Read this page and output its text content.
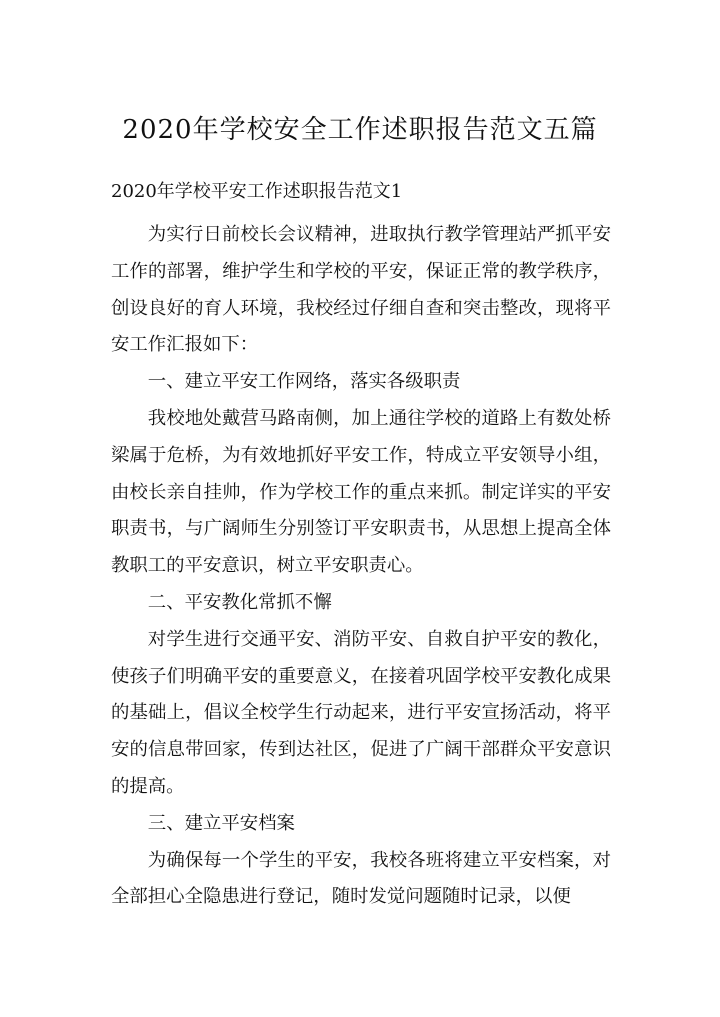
2020年学校安全工作述职报告范文五篇
2020年学校平安工作述职报告范文1

为实行日前校长会议精神，进取执行教学管理站严抓平安工作的部署，维护学生和学校的平安，保证正常的教学秩序，创设良好的育人环境，我校经过仔细自查和突击整改，现将平安工作汇报如下：

一、建立平安工作网络，落实各级职责

我校地处戴营马路南侧，加上通往学校的道路上有数处桥梁属于危桥，为有效地抓好平安工作，特成立平安领导小组，由校长亲自挂帅，作为学校工作的重点来抓。制定详实的平安职责书，与广阔师生分别签订平安职责书，从思想上提高全体教职工的平安意识，树立平安职责心。

二、平安教化常抓不懈

对学生进行交通平安、消防平安、自救自护平安的教化，使孩子们明确平安的重要意义，在接着巩固学校平安教化成果的基础上，倡议全校学生行动起来，进行平安宣扬活动，将平安的信息带回家，传到达社区，促进了广阔干部群众平安意识的提高。

三、建立平安档案

为确保每一个学生的平安，我校各班将建立平安档案，对全部担心全隐患进行登记，随时发觉问题随时记录，以便
